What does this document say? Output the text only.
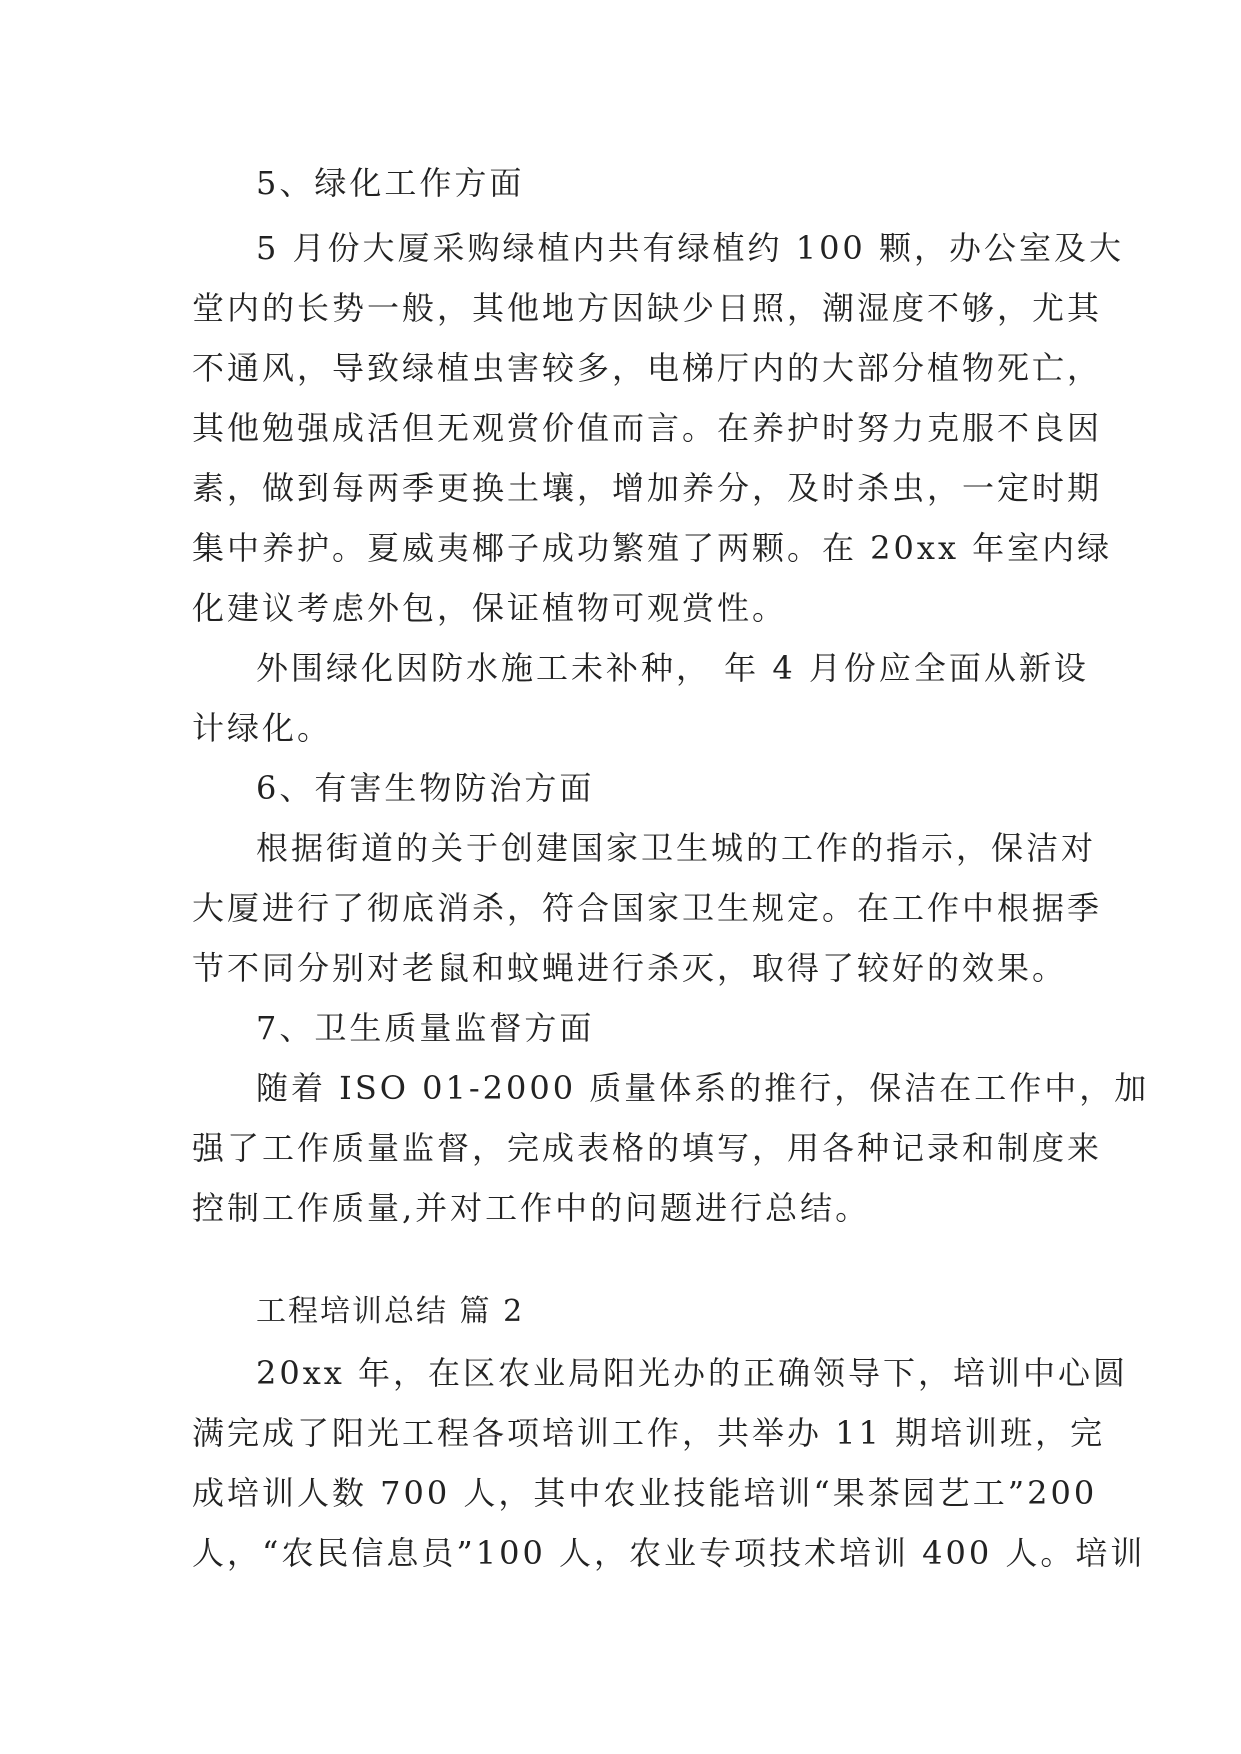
5、绿化工作方面
5 月份大厦采购绿植内共有绿植约 100 颗，办公室及大
堂内的长势一般，其他地方因缺少日照，潮湿度不够，尤其
不通风，导致绿植虫害较多，电梯厅内的大部分植物死亡，
其他勉强成活但无观赏价值而言。在养护时努力克服不良因
素，做到每两季更换土壤，增加养分，及时杀虫，一定时期
集中养护。夏威夷椰子成功繁殖了两颗。在 20xx 年室内绿
化建议考虑外包，保证植物可观赏性。
外围绿化因防水施工未补种， 年 4 月份应全面从新设
计绿化。
6、有害生物防治方面
根据街道的关于创建国家卫生城的工作的指示，保洁对
大厦进行了彻底消杀，符合国家卫生规定。在工作中根据季
节不同分别对老鼠和蚊蝇进行杀灭，取得了较好的效果。
7、卫生质量监督方面
随着 ISO 01-2000 质量体系的推行，保洁在工作中，加
强了工作质量监督，完成表格的填写，用各种记录和制度来
控制工作质量,并对工作中的问题进行总结。
工程培训总结 篇 2
20xx 年，在区农业局阳光办的正确领导下，培训中心圆
满完成了阳光工程各项培训工作，共举办 11 期培训班，完
成培训人数 700 人，其中农业技能培训“果茶园艺工”200
人，“农民信息员”100 人，农业专项技术培训 400 人。培训
